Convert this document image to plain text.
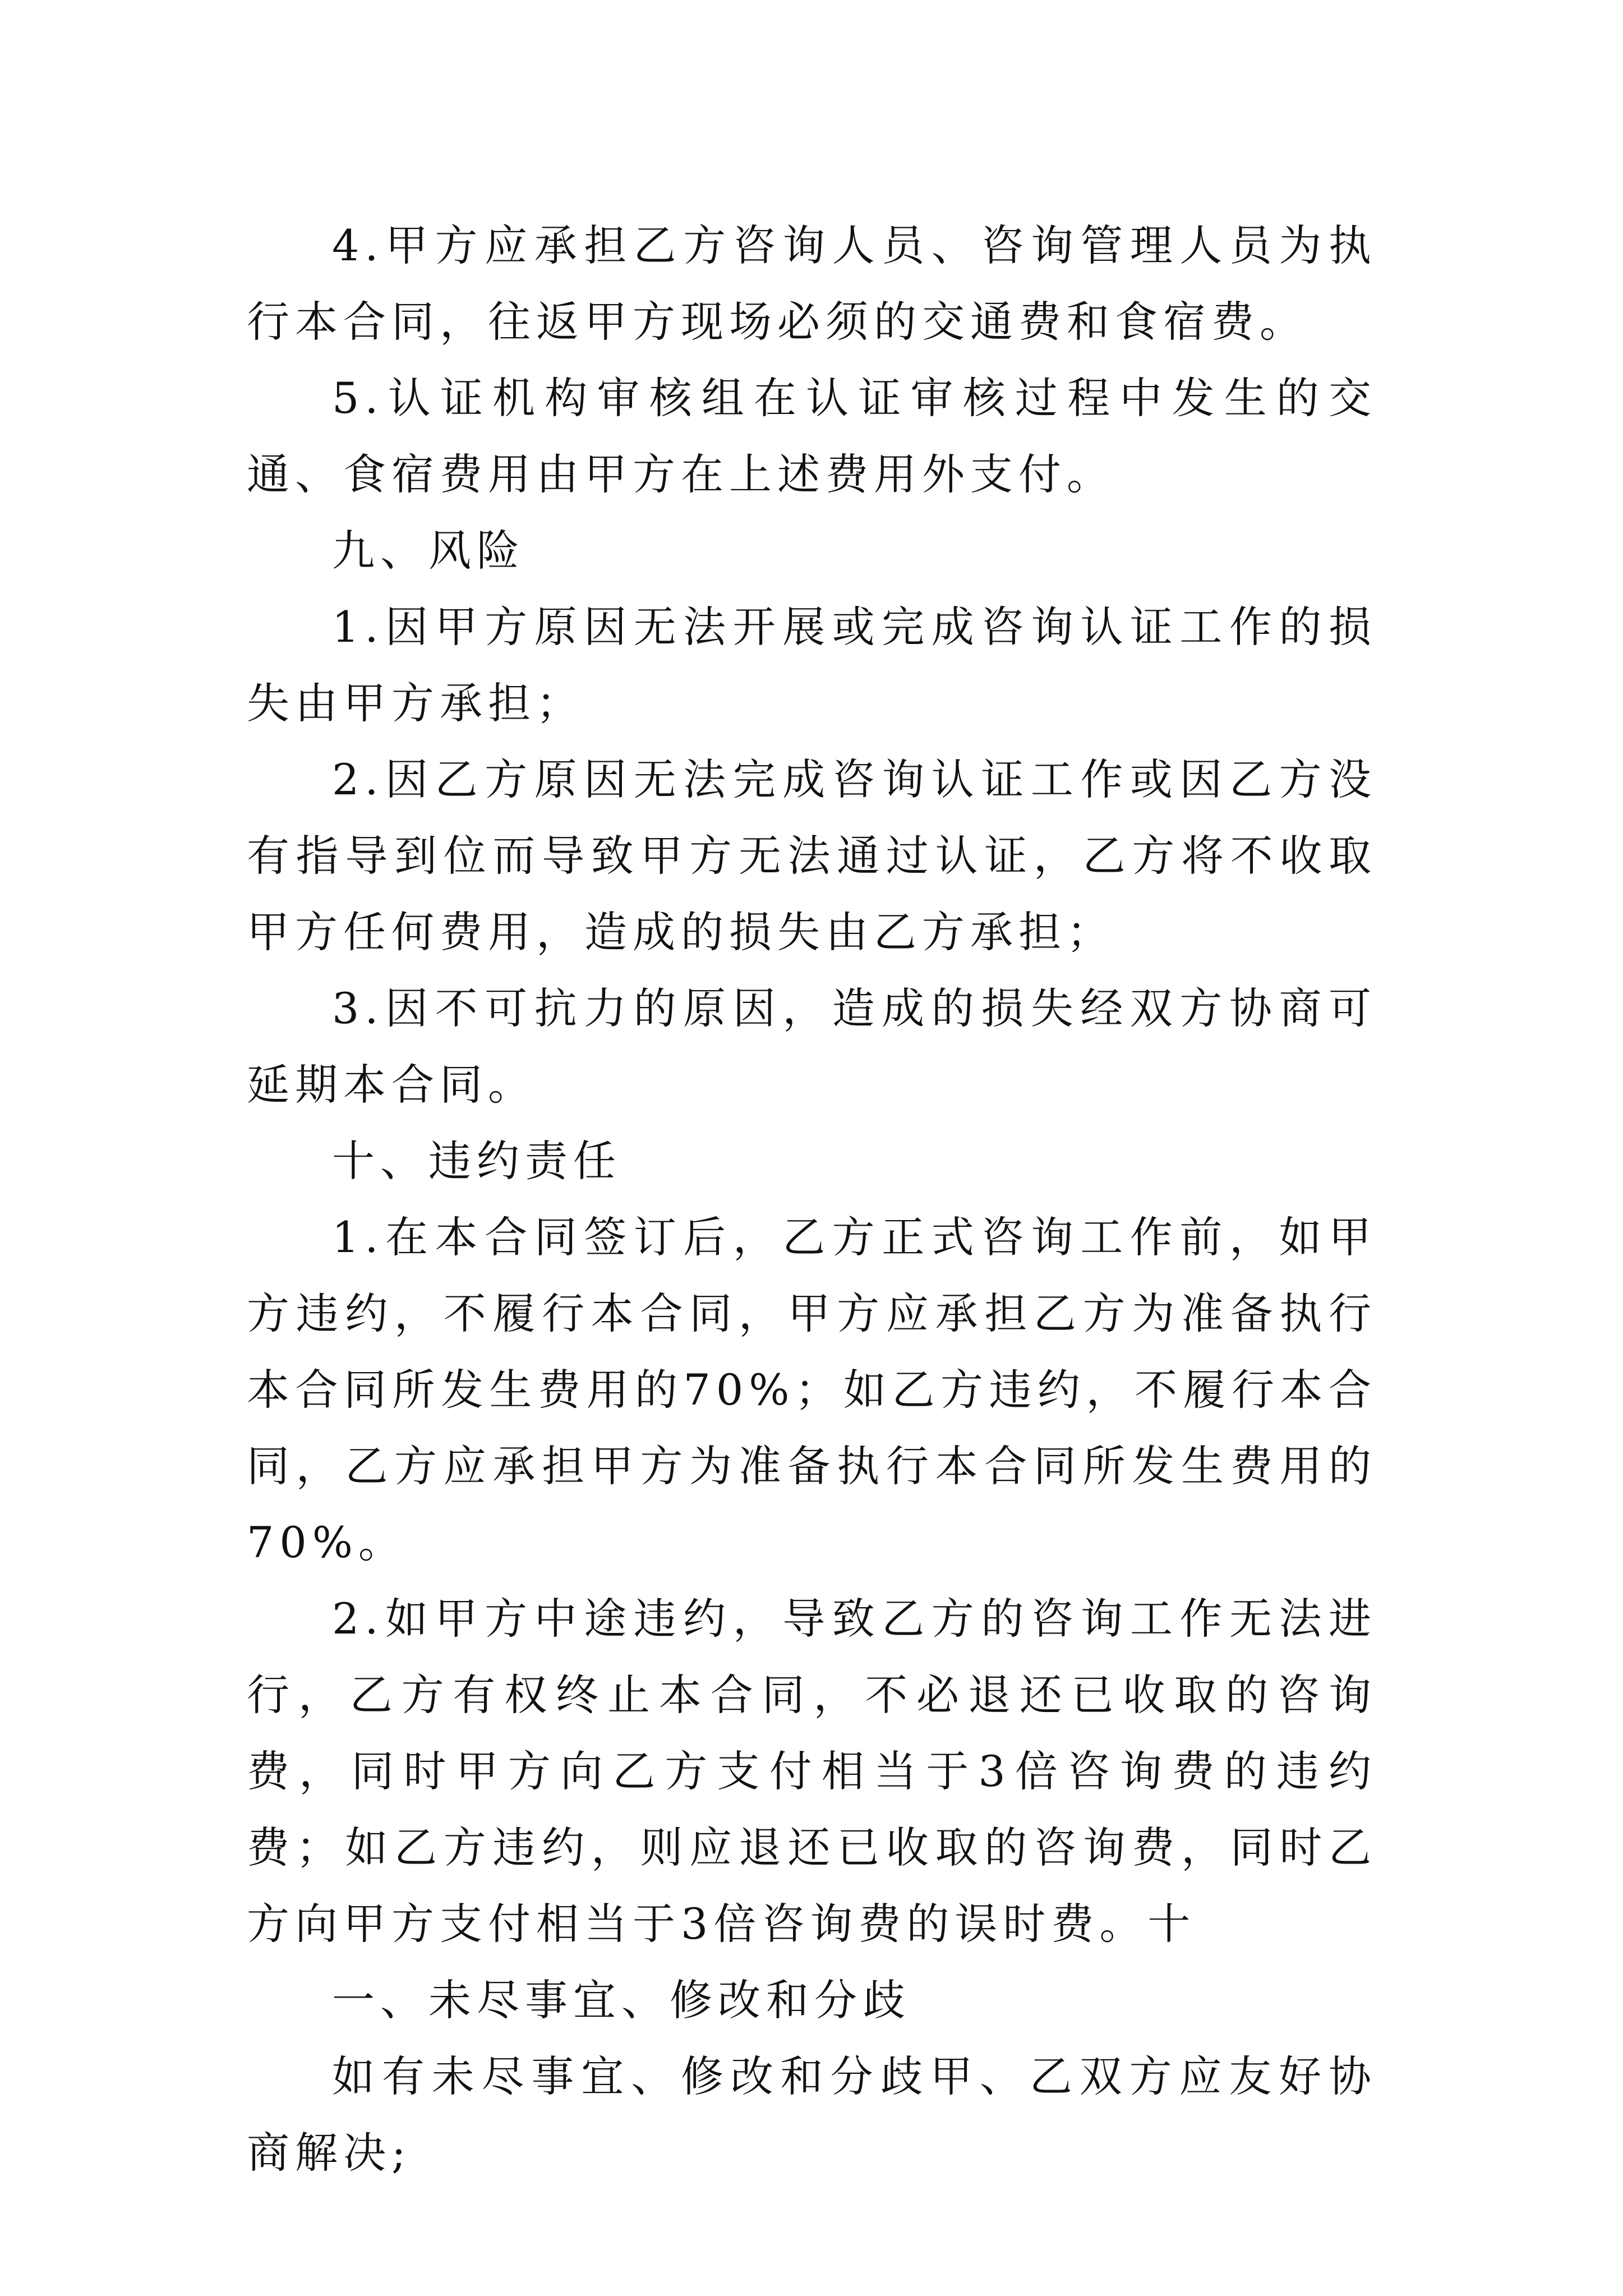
4.甲方应承担乙方咨询人员、咨询管理人员为执行本合同，往返甲方现场必须的交通费和食宿费。

5.认证机构审核组在认证审核过程中发生的交通、食宿费用由甲方在上述费用外支付。

九、风险

1.因甲方原因无法开展或完成咨询认证工作的损失由甲方承担；

2.因乙方原因无法完成咨询认证工作或因乙方没有指导到位而导致甲方无法通过认证，乙方将不收取甲方任何费用，造成的损失由乙方承担；

3.因不可抗力的原因，造成的损失经双方协商可延期本合同。

十、违约责任

1.在本合同签订后，乙方正式咨询工作前，如甲方违约，不履行本合同，甲方应承担乙方为准备执行本合同所发生费用的70%；如乙方违约，不履行本合同，乙方应承担甲方为准备执行本合同所发生费用的70%。

2.如甲方中途违约，导致乙方的咨询工作无法进行，乙方有权终止本合同，不必退还已收取的咨询费，同时甲方向乙方支付相当于3倍咨询费的违约费；如乙方违约，则应退还已收取的咨询费，同时乙方向甲方支付相当于3倍咨询费的误时费。十

一、未尽事宜、修改和分歧

如有未尽事宜、修改和分歧甲、乙双方应友好协商解决;
